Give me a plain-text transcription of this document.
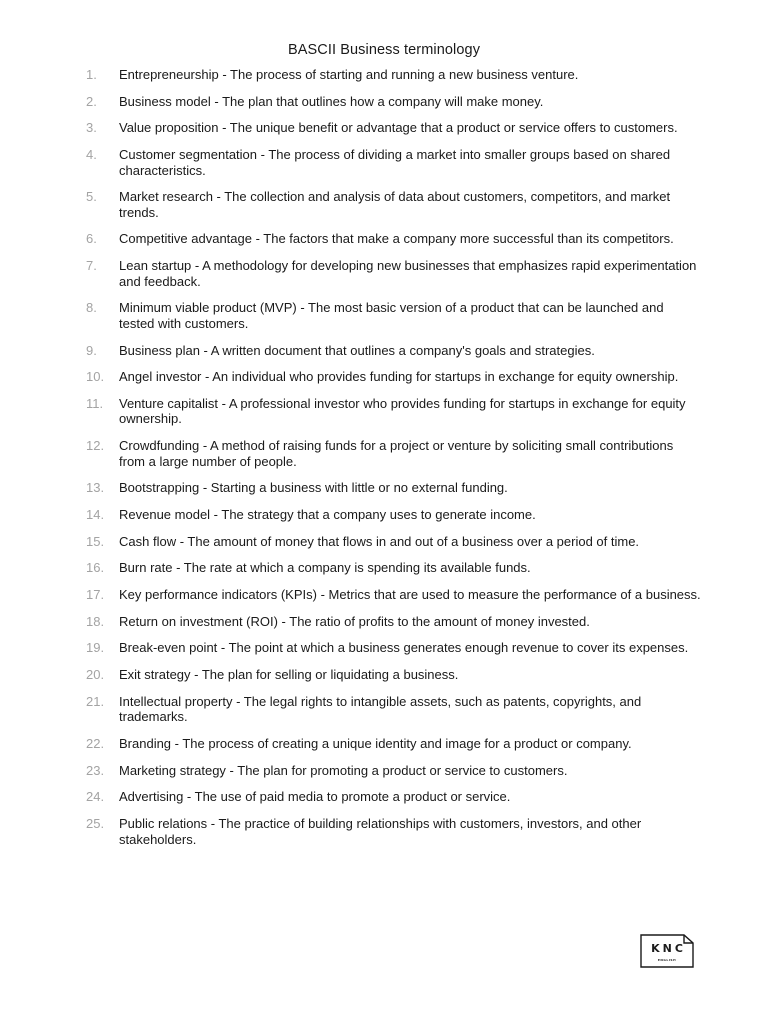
BASCII Business terminology
1. Entrepreneurship - The process of starting and running a new business venture.
2. Business model - The plan that outlines how a company will make money.
3. Value proposition - The unique benefit or advantage that a product or service offers to customers.
4. Customer segmentation - The process of dividing a market into smaller groups based on shared characteristics.
5. Market research - The collection and analysis of data about customers, competitors, and market trends.
6. Competitive advantage - The factors that make a company more successful than its competitors.
7. Lean startup - A methodology for developing new businesses that emphasizes rapid experimentation and feedback.
8. Minimum viable product (MVP) - The most basic version of a product that can be launched and tested with customers.
9. Business plan - A written document that outlines a company's goals and strategies.
10. Angel investor - An individual who provides funding for startups in exchange for equity ownership.
11. Venture capitalist - A professional investor who provides funding for startups in exchange for equity ownership.
12. Crowdfunding - A method of raising funds for a project or venture by soliciting small contributions from a large number of people.
13. Bootstrapping - Starting a business with little or no external funding.
14. Revenue model - The strategy that a company uses to generate income.
15. Cash flow - The amount of money that flows in and out of a business over a period of time.
16. Burn rate - The rate at which a company is spending its available funds.
17. Key performance indicators (KPIs) - Metrics that are used to measure the performance of a business.
18. Return on investment (ROI) - The ratio of profits to the amount of money invested.
19. Break-even point - The point at which a business generates enough revenue to cover its expenses.
20. Exit strategy - The plan for selling or liquidating a business.
21. Intellectual property - The legal rights to intangible assets, such as patents, copyrights, and trademarks.
22. Branding - The process of creating a unique identity and image for a product or company.
23. Marketing strategy - The plan for promoting a product or service to customers.
24. Advertising - The use of paid media to promote a product or service.
25. Public relations - The practice of building relationships with customers, investors, and other stakeholders.
KNC
ENGLISH
